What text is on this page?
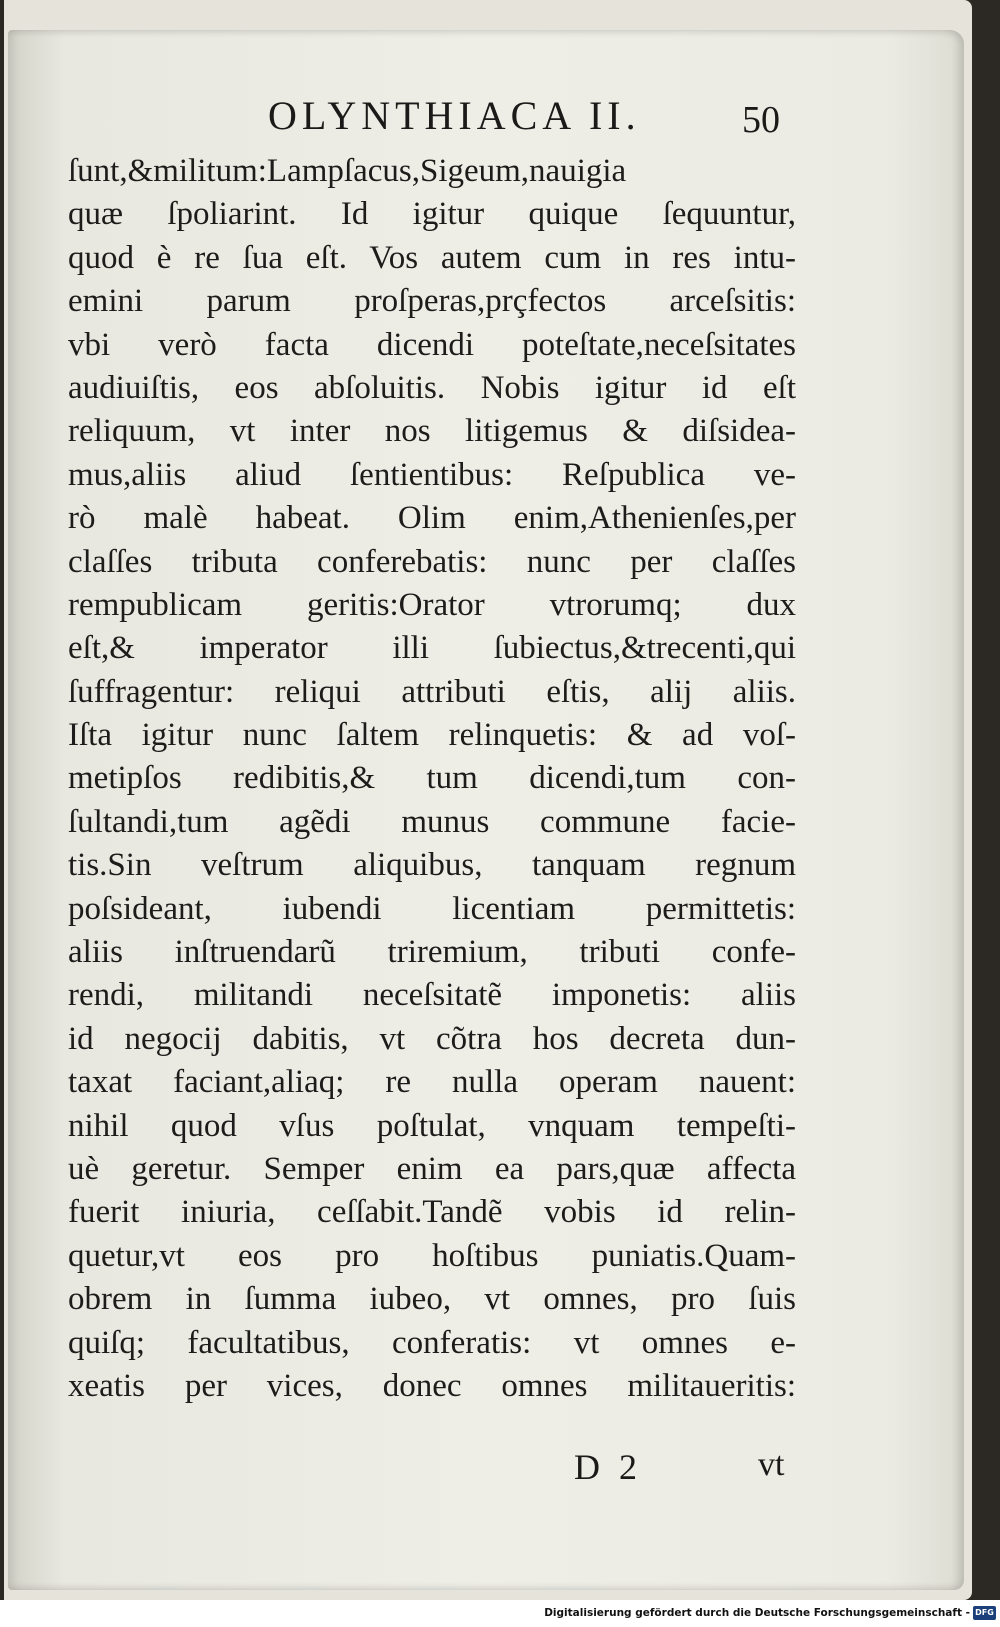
OLYNTHIACA II.	50
ſunt,&militum:Lampſacus,Sigeum,nauigia
quæ ſpoliarint. Id igitur quique ſequuntur,
quod è re ſua eſt. Vos autem cum in res intu-
emini parum proſperas,prçfectos arceſsitis:
vbi verò facta dicendi poteſtate,neceſsitates
audiuiſtis, eos abſoluitis. Nobis igitur id eſt
reliquum, vt inter nos litigemus & diſsidea-
mus,aliis aliud ſentientibus: Reſpublica ve-
rò malè habeat. Olim enim,Athenienſes,per
claſſes tributa conferebatis: nunc per claſſes
rempublicam geritis:Orator vtrorumq; dux
eſt,& imperator illi ſubiectus,&trecenti,qui
ſuffragentur: reliqui attributi eſtis, alij aliis.
Iſta igitur nunc ſaltem relinquetis: & ad voſ-
metipſos redibitis,& tum dicendi,tum con-
ſultandi,tum agẽdi munus commune facie-
tis.Sin veſtrum aliquibus, tanquam regnum
poſsideant, iubendi licentiam permittetis:
aliis inſtruendarũ triremium, tributi confe-
rendi, militandi neceſsitatẽ imponetis: aliis
id negocij dabitis, vt cõtra hos decreta dun-
taxat faciant,aliaq; re nulla operam nauent:
nihil quod vſus poſtulat, vnquam tempeſti-
uè geretur. Semper enim ea pars,quæ affecta
fuerit iniuria, ceſſabit.Tandẽ vobis id relin-
quetur,vt eos pro hoſtibus puniatis.Quam-
obrem in ſumma iubeo, vt omnes, pro ſuis
quiſq; facultatibus, conferatis: vt omnes e-
xeatis per vices, donec omnes militaueritis:
D 2	vt
Digitalisierung gefördert durch die Deutsche Forschungsgemeinschaft - DFG
